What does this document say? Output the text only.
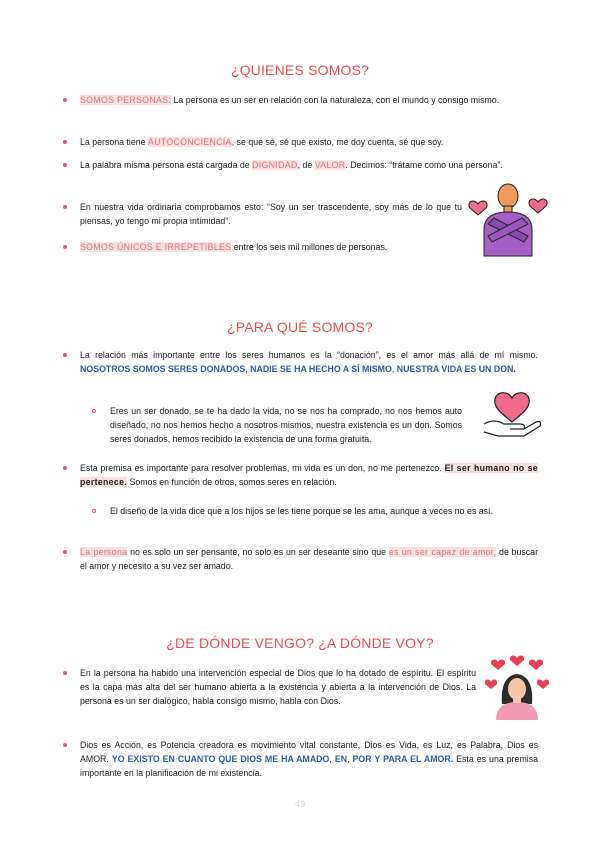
¿QUIENES SOMOS?
SOMOS PERSONAS: La persona es un ser en relación con la naturaleza, con el mundo y consigo mismo.
La persona tiene AUTOCONCIENCIA, se que sé, sé que existo, me doy cuenta, sé que soy.
La palabra misma persona está cargada de DIGNIDAD, de VALOR. Decimos: “trátame como una persona”.
En nuestra vida ordinaria comprobamos esto: “Soy un ser trascendente, soy más de lo que tu piensas, yo tengo mi propia intimidad”.
SOMOS ÚNICOS E IRREPETIBLES entre los seis mil millones de personas.
¿PARA QUÉ SOMOS?
La relación más importante entre los seres humanos es la “donación”, es el amor más allá de mí mismo. NOSOTROS SOMOS SERES DONADOS, NADIE SE HA HECHO A SÍ MISMO, NUESTRA VIDA ES UN DON.
Eres un ser donado, se te ha dado la vida, no se nos ha comprado, no nos hemos auto diseñado, no nos hemos hecho a nosotros mismos, nuestra existencia es un don. Somos seres donados, hemos recibido la existencia de una forma gratuita.
Esta premisa es importante para resolver problemas, mi vida es un don, no me pertenezco. El ser humano no se pertenece. Somos en función de otros, somos seres en relación.
El diseño de la vida dice que a los hijos se les tiene porque se les ama, aunque a veces no es así.
La persona no es solo un ser pensante, no solo es un ser deseante sino que es un ser capaz de amor, de buscar el amor y necesito a su vez ser amado.
¿DE DÓNDE VENGO? ¿A DÓNDE VOY?
En la persona ha habido una intervención especial de Dios que lo ha dotado de espíritu. El espíritu es la capa más alta del ser humano abierta a la existencia y abierta a la intervención de Dios. La persona es un ser dialógico, habla consigo mismo, habla con Dios.
Dios es Acción, es Potencia creadora es movimiento vital constante, Dios es Vida, es Luz, es Palabra, Dios es AMOR. YO EXISTO EN CUANTO QUE DIOS ME HA AMADO, EN, POR Y PARA EL AMOR. Esta es una premisa importante en la planificación de mi existencia.
49
